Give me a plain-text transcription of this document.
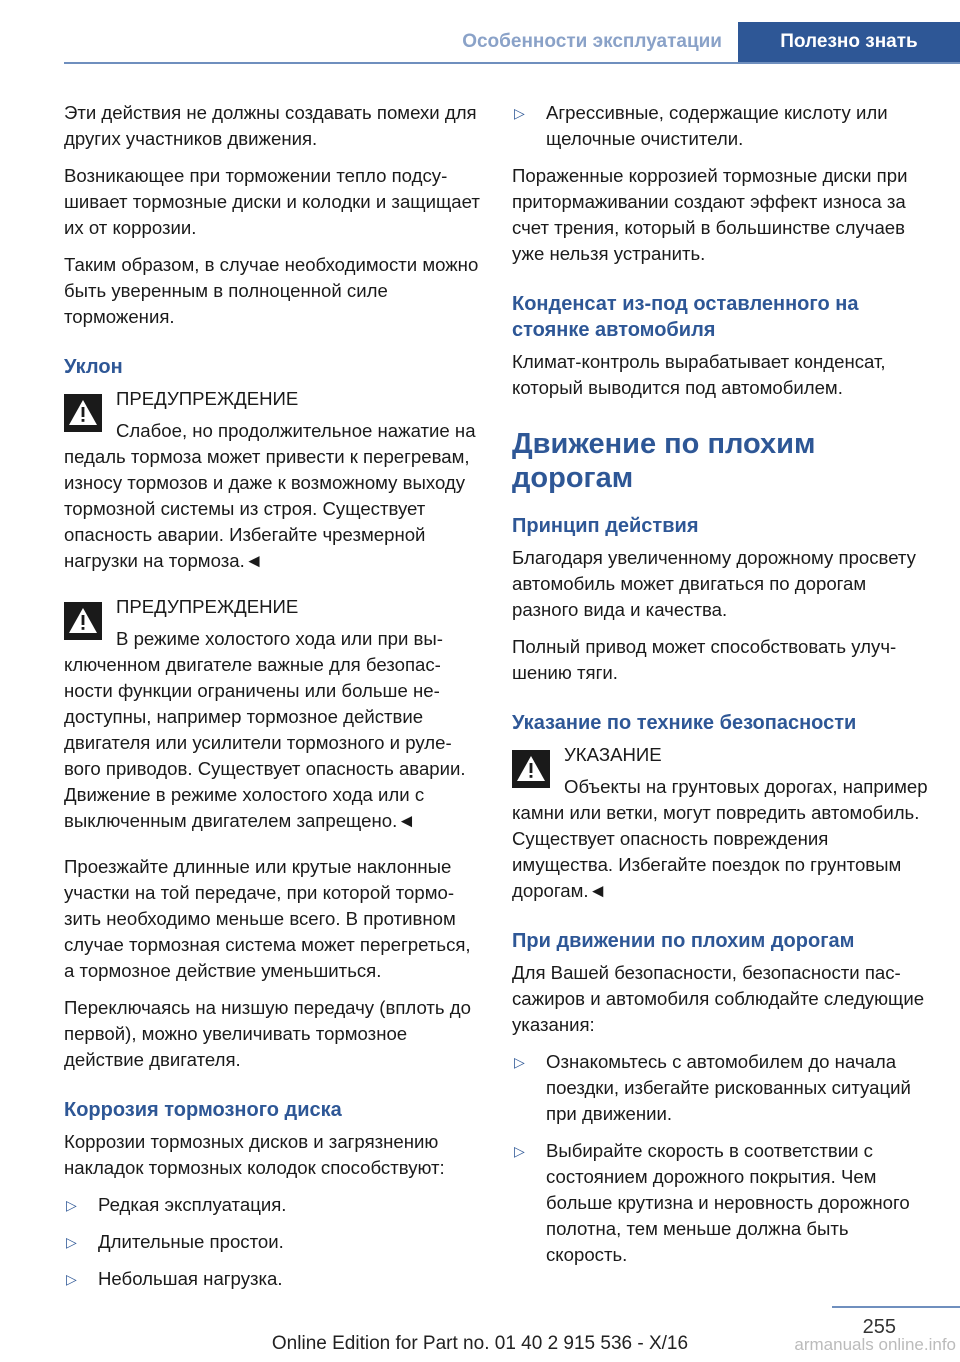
Особенности эксплуатации	Полезно знать

Эти действия не должны создавать помехи для других участников движения.

Возникающее при торможении тепло подсушивает тормозные диски и колодки и защищает их от коррозии.

Таким образом, в случае необходимости можно быть уверенным в полноценной силе торможения.

Уклон
ПРЕДУПРЕЖДЕНИЕ
Слабое, но продолжительное нажатие на педаль тормоза может привести к перегревам, износу тормозов и даже к возможному выходу тормозной системы из строя. Существует опасность аварии. Избегайте чрезмерной нагрузки на тормоза.◄
ПРЕДУПРЕЖДЕНИЕ
В режиме холостого хода или при выключенном двигателе важные для безопасности функции ограничены или больше недоступны, например тормозное действие двигателя или усилители тормозного и рулевого приводов. Существует опасность аварии. Движение в режиме холостого хода или с выключенным двигателем запрещено.◄

Проезжайте длинные или крутые наклонные участки на той передаче, при которой тормозить необходимо меньше всего. В противном случае тормозная система может перегреться, а тормозное действие уменьшиться.

Переключаясь на низшую передачу (вплоть до первой), можно увеличивать тормозное действие двигателя.

Коррозия тормозного диска

Коррозии тормозных дисков и загрязнению накладок тормозных колодок способствуют:

▷ Редкая эксплуатация.
▷ Длительные простои.
▷ Небольшая нагрузка.
▷ Агрессивные, содержащие кислоту или щелочные очистители.

Пораженные коррозией тормозные диски при притормаживании создают эффект износа за счет трения, который в большинстве случаев уже нельзя устранить.

Конденсат из-под оставленного на стоянке автомобиля

Климат-контроль вырабатывает конденсат, который выводится под автомобилем.

Движение по плохим дорогам
Принцип действия

Благодаря увеличенному дорожному просвету автомобиль может двигаться по дорогам разного вида и качества.

Полный привод может способствовать улучшению тяги.

Указание по технике безопасности
УКАЗАНИЕ
Объекты на грунтовых дорогах, например камни или ветки, могут повредить автомобиль. Существует опасность повреждения имущества. Избегайте поездок по грунтовым дорогам.◄
При движении по плохим дорогам

Для Вашей безопасности, безопасности пассажиров и автомобиля соблюдайте следующие указания:

▷ Ознакомьтесь с автомобилем до начала поездки, избегайте рискованных ситуаций при движении.
▷ Выбирайте скорость в соответствии с состоянием дорожного покрытия. Чем больше крутизна и неровность дорожного полотна, тем меньше должна быть скорость.
255
Online Edition for Part no. 01 40 2 915 536 - X/16	armanuals online.info
